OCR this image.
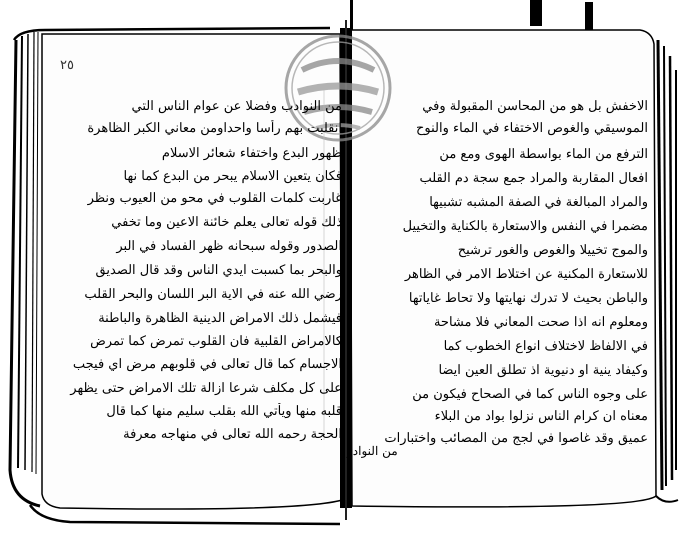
٢٥
من النوادب وفضلا عن عوام الناس التي
انقلبت بهم رأسا واحداومن معاني الكبر الظاهرة
ظهور البدع واختفاء شعائر الاسلام
فكان يتعين الاسلام يبحر من البدع كما نها
غاربت كلمات القلوب في محو من العيوب ونظر
ذلك قوله تعالى يعلم خائنة الاعين وما تخفي
الصدور وقوله سبحانه ظهر الفساد في البر
والبحر بما كسبت ايدي الناس وقد قال الصديق
رضي الله عنه في الاية البر اللسان والبحر القلب
فيشمل ذلك الامراض الدينية الظاهرة والباطنة
كالامراض القلبية فان القلوب تمرض كما تمرض
الاجسام كما قال تعالى في قلوبهم مرض اي فيجب
على كل مكلف شرعا ازالة تلك الامراض حتى يظهر
قلبه منها ويأتي الله بقلب سليم منها كما قال
الحجة رحمه الله تعالى في منهاجه معرفة
الاخفش بل هو من المحاسن المقبولة وفي
الموسيقي والغوص الاختفاء في الماء والنوح
الترفع من الماء بواسطة الهوى ومع من
افعال المقاربة والمراد جمع سجة دم القلب
والمراد المبالغة في الصفة المشبه تشبيها
مضمرا في النفس والاستعارة بالكناية والتخييل
والموج تخييلا والغوص والغور ترشيح
للاستعارة المكنية عن اختلاط الامر في الظاهر
والباطن بحيث لا تدرك نهايتها ولا تحاط غاياتها
ومعلوم انه اذا صحت المعاني فلا مشاحة
في الالفاظ لاختلاف انواع الخطوب كما
وكيفاد ينية او دنيوية اذ تطلق العين ايضا
على وجوه الناس كما في الصحاح فيكون من
معناه ان كرام الناس نزلوا بواد من البلاء
عميق وقد غاصوا في لجج من المصائب واختبارات
من النوادر
